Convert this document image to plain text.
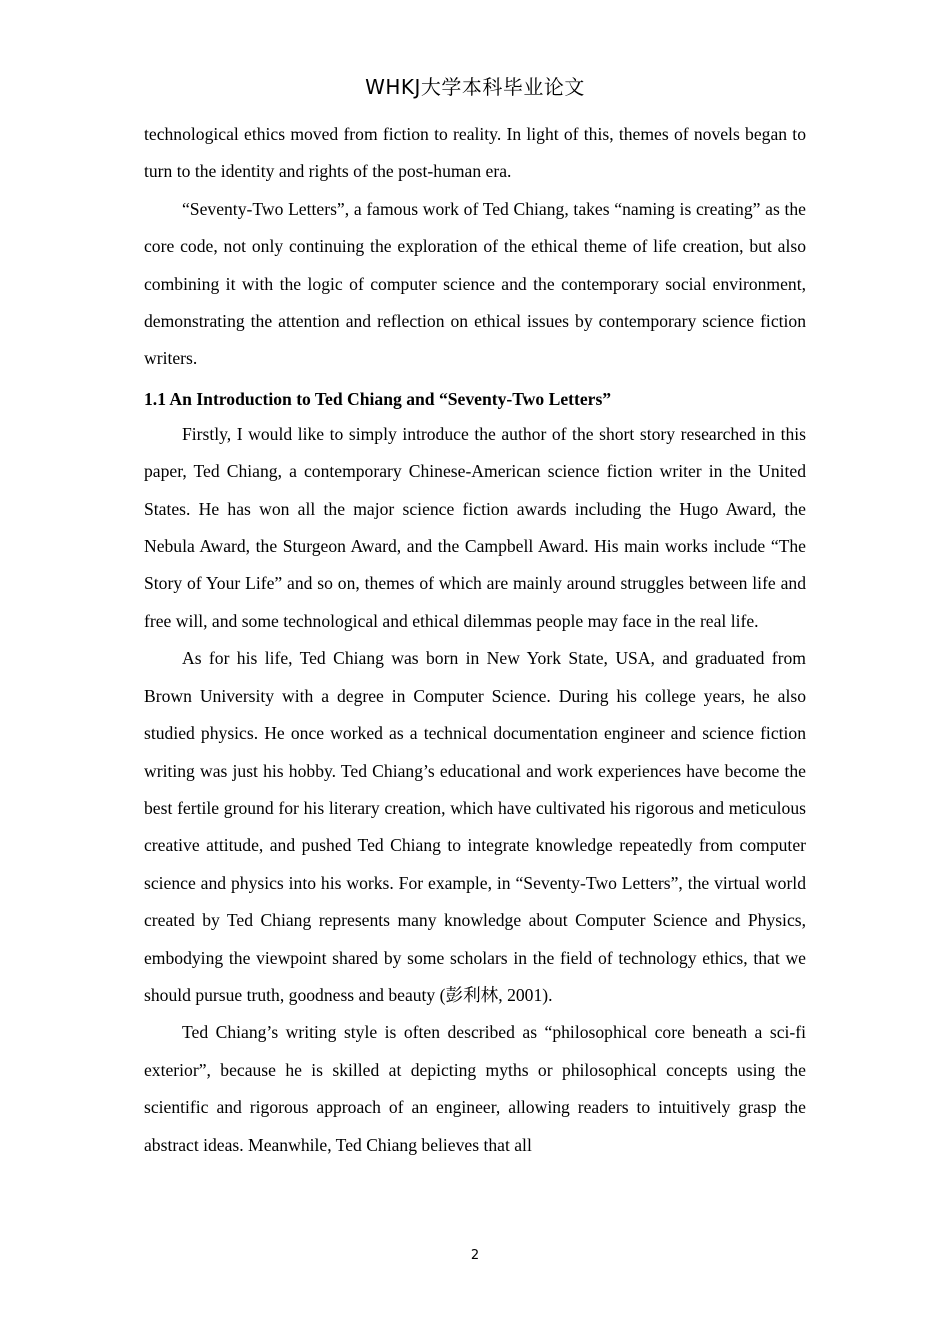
WHKJ大学本科毕业论文

technological ethics moved from fiction to reality. In light of this, themes of novels began to turn to the identity and rights of the post-human era.

“Seventy-Two Letters”, a famous work of Ted Chiang, takes “naming is creating” as the core code, not only continuing the exploration of the ethical theme of life creation, but also combining it with the logic of computer science and the contemporary social environment, demonstrating the attention and reflection on ethical issues by contemporary science fiction writers.

1.1 An Introduction to Ted Chiang and “Seventy-Two Letters”

Firstly, I would like to simply introduce the author of the short story researched in this paper, Ted Chiang, a contemporary Chinese-American science fiction writer in the United States. He has won all the major science fiction awards including the Hugo Award, the Nebula Award, the Sturgeon Award, and the Campbell Award. His main works include “The Story of Your Life” and so on, themes of which are mainly around struggles between life and free will, and some technological and ethical dilemmas people may face in the real life.

As for his life, Ted Chiang was born in New York State, USA, and graduated from Brown University with a degree in Computer Science. During his college years, he also studied physics. He once worked as a technical documentation engineer and science fiction writing was just his hobby. Ted Chiang’s educational and work experiences have become the best fertile ground for his literary creation, which have cultivated his rigorous and meticulous creative attitude, and pushed Ted Chiang to integrate knowledge repeatedly from computer science and physics into his works. For example, in “Seventy-Two Letters”, the virtual world created by Ted Chiang represents many knowledge about Computer Science and Physics, embodying the viewpoint shared by some scholars in the field of technology ethics, that we should pursue truth, goodness and beauty (彭利林, 2001).

Ted Chiang’s writing style is often described as “philosophical core beneath a sci-fi exterior”, because he is skilled at depicting myths or philosophical concepts using the scientific and rigorous approach of an engineer, allowing readers to intuitively grasp the abstract ideas. Meanwhile, Ted Chiang believes that all

2
